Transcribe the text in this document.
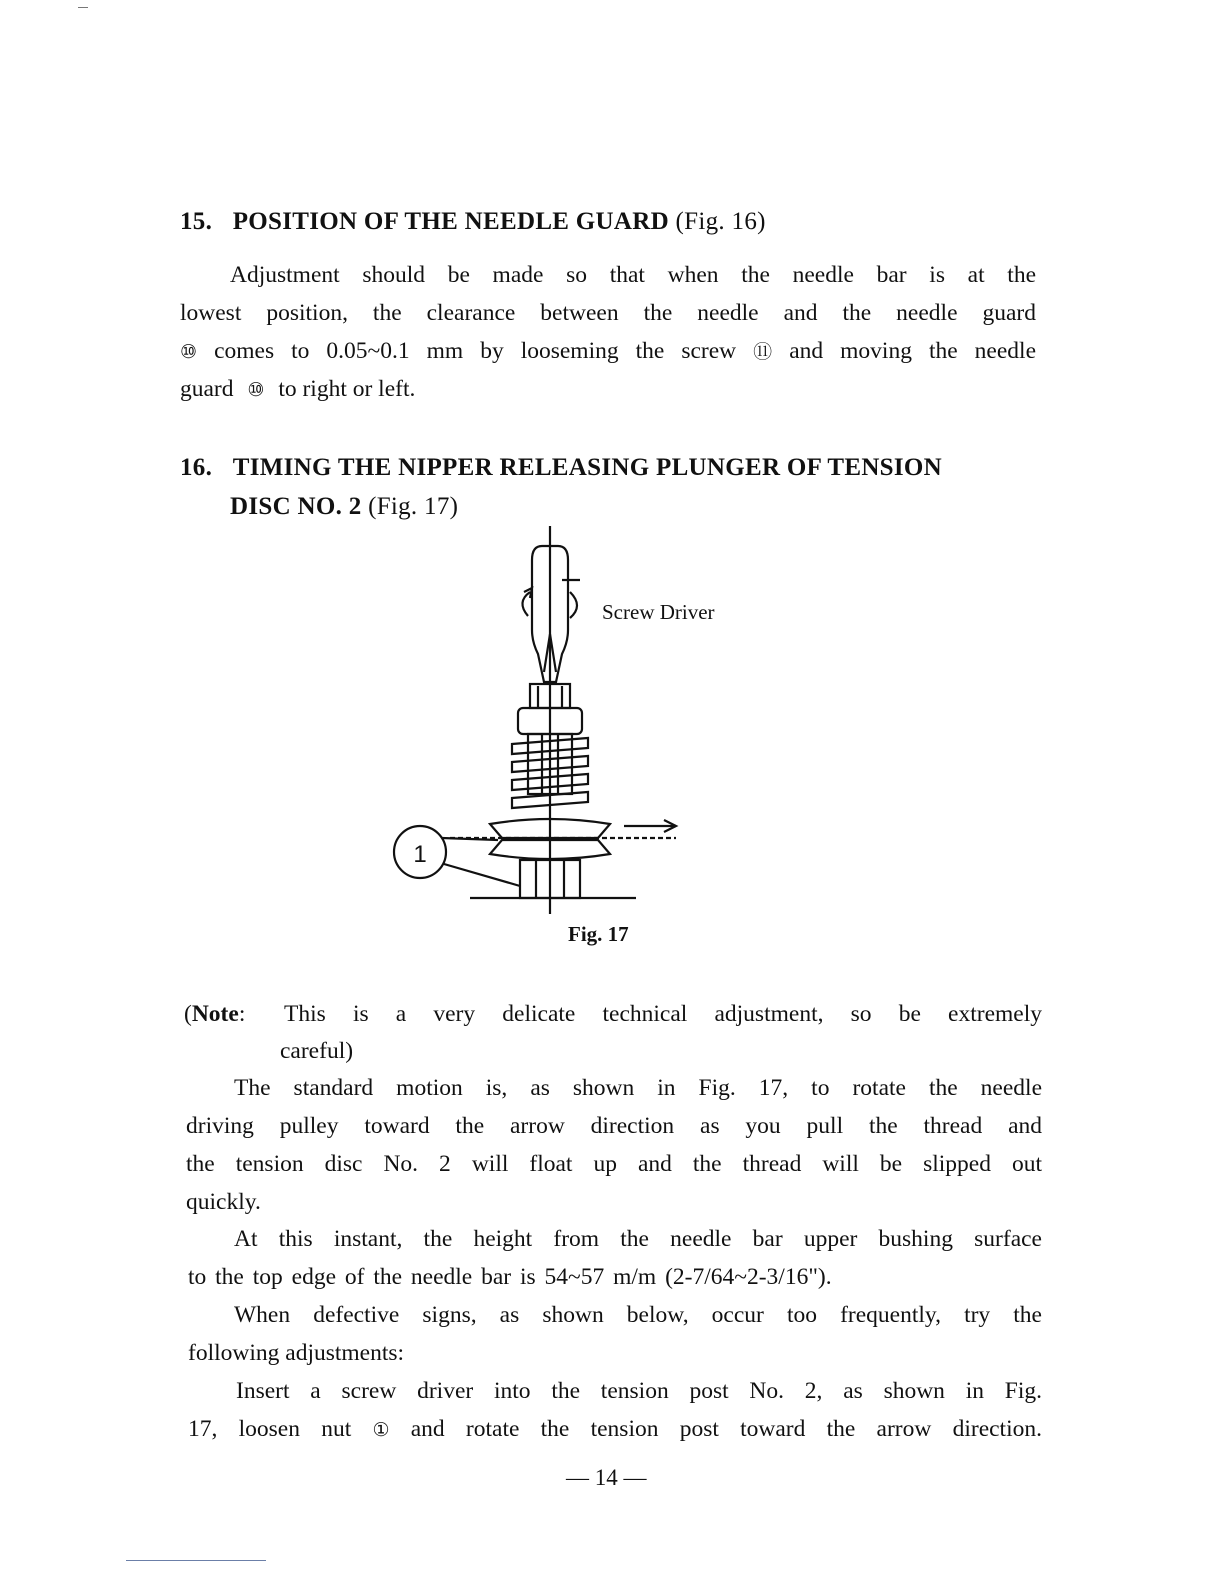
15. POSITION OF THE NEEDLE GUARD (Fig. 16)
Adjustment should be made so that when the needle bar is at the
lowest position, the clearance between the needle and the needle guard
⑩ comes to 0.05~0.1 mm by looseming the screw ⑪ and moving the needle
guard ⑩ to right or left.
16. TIMING THE NIPPER RELEASING PLUNGER OF TENSION
DISC NO. 2 (Fig. 17)
1
Screw Driver
Fig. 17
(Note:	This is a very delicate technical adjustment, so be extremely
careful)
The standard motion is, as shown in Fig. 17, to rotate the needle
driving pulley toward the arrow direction as you pull the thread and
the tension disc No. 2 will float up and the thread will be slipped out
quickly.
At this instant, the height from the needle bar upper bushing surface
to the top edge of the needle bar is 54~57 m/m (2-7/64~2-3/16").
When defective signs, as shown below, occur too frequently, try the
following adjustments:
Insert a screw driver into the tension post No. 2, as shown in Fig.
17, loosen nut ① and rotate the tension post toward the arrow direction.
— 14 —
